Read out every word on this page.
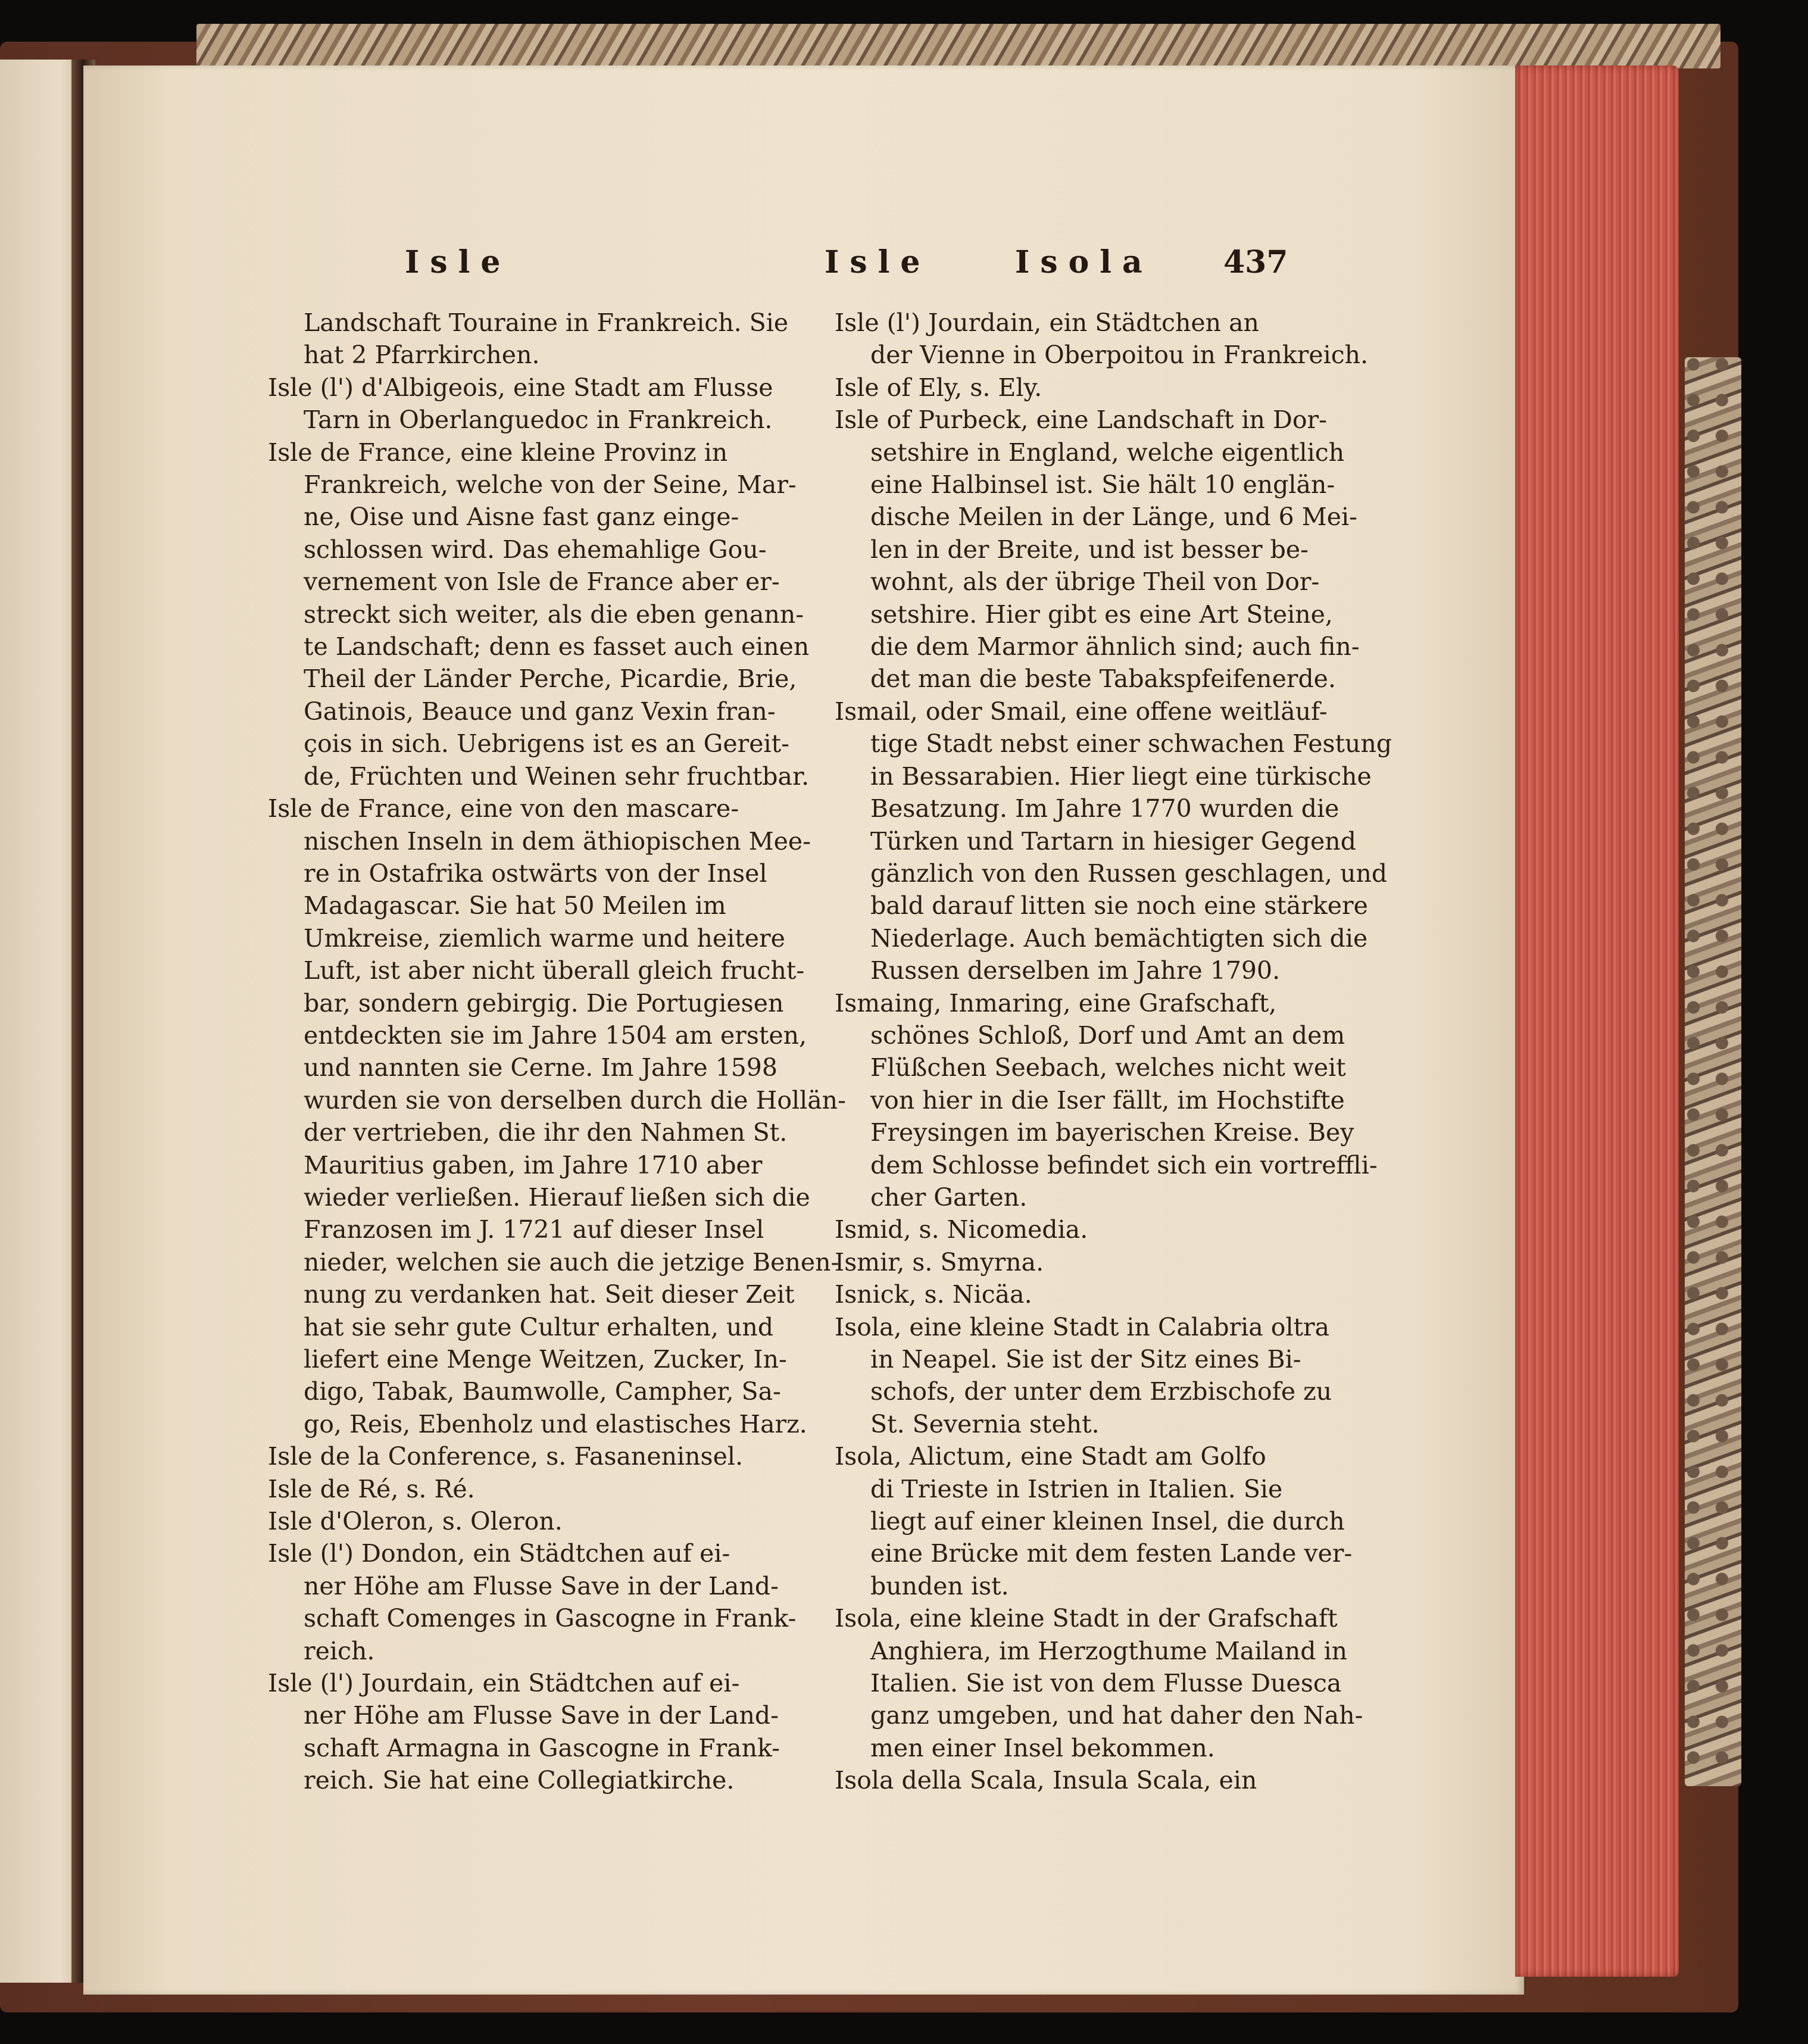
Isle	Isle	Isola 437
Landschaft Touraine in Frankreich. Sie
hat 2 Pfarrkirchen.
Isle (l') d'Albigeois, eine Stadt am Flusse
Tarn in Oberlanguedoc in Frankreich.
Isle de France, eine kleine Provinz in
Frankreich, welche von der Seine, Mar-
ne, Oise und Aisne fast ganz einge-
schlossen wird. Das ehemahlige Gou-
vernement von Isle de France aber er-
streckt sich weiter, als die eben genann-
te Landschaft; denn es fasset auch einen
Theil der Länder Perche, Picardie, Brie,
Gatinois, Beauce und ganz Vexin fran-
çois in sich. Uebrigens ist es an Gereit-
de, Früchten und Weinen sehr fruchtbar.
Isle de France, eine von den mascare-
nischen Inseln in dem äthiopischen Mee-
re in Ostafrika ostwärts von der Insel
Madagascar. Sie hat 50 Meilen im
Umkreise, ziemlich warme und heitere
Luft, ist aber nicht überall gleich frucht-
bar, sondern gebirgig. Die Portugiesen
entdeckten sie im Jahre 1504 am ersten,
und nannten sie Cerne. Im Jahre 1598
wurden sie von derselben durch die Hollän-
der vertrieben, die ihr den Nahmen St.
Mauritius gaben, im Jahre 1710 aber
wieder verließen. Hierauf ließen sich die
Franzosen im J. 1721 auf dieser Insel
nieder, welchen sie auch die jetzige Benen-
nung zu verdanken hat. Seit dieser Zeit
hat sie sehr gute Cultur erhalten, und
liefert eine Menge Weitzen, Zucker, In-
digo, Tabak, Baumwolle, Campher, Sa-
go, Reis, Ebenholz und elastisches Harz.
Isle de la Conference, s. Fasaneninsel.
Isle de Ré, s. Ré.
Isle d'Oleron, s. Oleron.
Isle (l') Dondon, ein Städtchen auf ei-
ner Höhe am Flusse Save in der Land-
schaft Comenges in Gascogne in Frank-
reich.
Isle (l') Jourdain, ein Städtchen auf ei-
ner Höhe am Flusse Save in der Land-
schaft Armagna in Gascogne in Frank-
reich. Sie hat eine Collegiatkirche.
Isle (l') Jourdain, ein Städtchen an
der Vienne in Oberpoitou in Frankreich.
Isle of Ely, s. Ely.
Isle of Purbeck, eine Landschaft in Dor-
setshire in England, welche eigentlich
eine Halbinsel ist. Sie hält 10 englän-
dische Meilen in der Länge, und 6 Mei-
len in der Breite, und ist besser be-
wohnt, als der übrige Theil von Dor-
setshire. Hier gibt es eine Art Steine,
die dem Marmor ähnlich sind; auch fin-
det man die beste Tabakspfeifenerde.
Ismail, oder Smail, eine offene weitläuf-
tige Stadt nebst einer schwachen Festung
in Bessarabien. Hier liegt eine türkische
Besatzung. Im Jahre 1770 wurden die
Türken und Tartarn in hiesiger Gegend
gänzlich von den Russen geschlagen, und
bald darauf litten sie noch eine stärkere
Niederlage. Auch bemächtigten sich die
Russen derselben im Jahre 1790.
Ismaing, Inmaring, eine Grafschaft,
schönes Schloß, Dorf und Amt an dem
Flüßchen Seebach, welches nicht weit
von hier in die Iser fällt, im Hochstifte
Freysingen im bayerischen Kreise. Bey
dem Schlosse befindet sich ein vortreffli-
cher Garten.
Ismid, s. Nicomedia.
Ismir, s. Smyrna.
Isnick, s. Nicäa.
Isola, eine kleine Stadt in Calabria oltra
in Neapel. Sie ist der Sitz eines Bi-
schofs, der unter dem Erzbischofe zu
St. Severnia steht.
Isola, Alictum, eine Stadt am Golfo
di Trieste in Istrien in Italien. Sie
liegt auf einer kleinen Insel, die durch
eine Brücke mit dem festen Lande ver-
bunden ist.
Isola, eine kleine Stadt in der Grafschaft
Anghiera, im Herzogthume Mailand in
Italien. Sie ist von dem Flusse Duesca
ganz umgeben, und hat daher den Nah-
men einer Insel bekommen.
Isola della Scala, Insula Scala, ein
